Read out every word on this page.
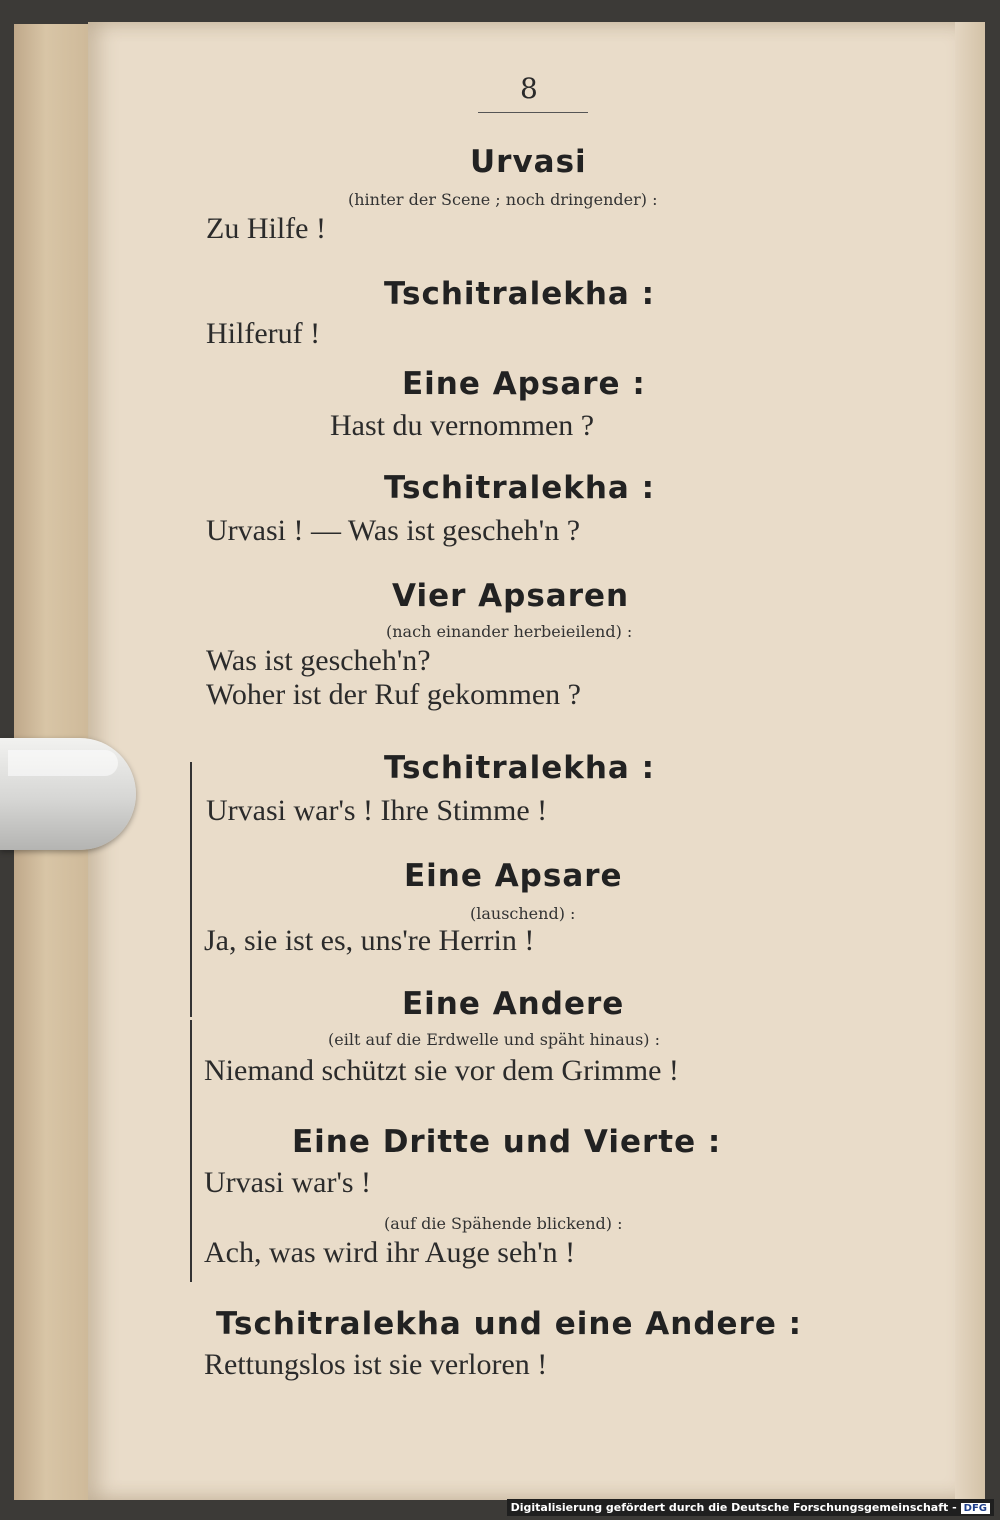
8
Urvasi
(hinter der Scene ; noch dringender) :
Zu Hilfe !
Tschitralekha :
Hilferuf !
Eine Apsare :
Hast du vernommen ?
Tschitralekha :
Urvasi ! — Was ist gescheh'n ?
Vier Apsaren
(nach einander herbeieilend) :
Was ist gescheh'n?
Woher ist der Ruf gekommen ?
Tschitralekha :
Urvasi war's ! Ihre Stimme !
Eine Apsare
(lauschend) :
Ja, sie ist es, uns're Herrin !
Eine Andere
(eilt auf die Erdwelle und späht hinaus) :
Niemand schützt sie vor dem Grimme !
Eine Dritte und Vierte :
Urvasi war's !
(auf die Spähende blickend) :
Ach, was wird ihr Auge seh'n !
Tschitralekha und eine Andere :
Rettungslos ist sie verloren !
Digitalisierung gefördert durch die Deutsche Forschungsgemeinschaft - DFG
